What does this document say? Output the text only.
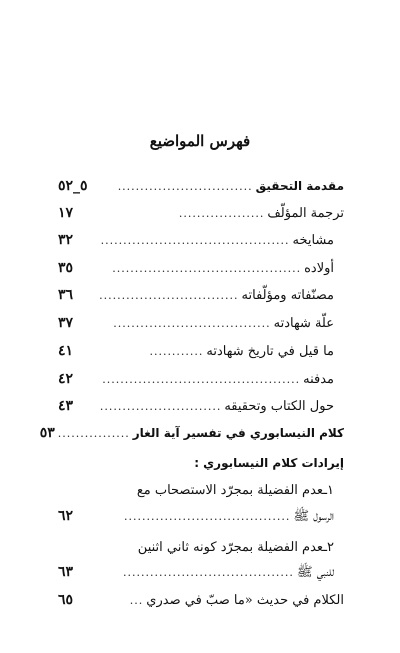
فهرس المواضيع
مقدمة التحقيق
..............................
٥_٥٢
ترجمة المؤلّف
...................
١٧
مشايخه
..........................................
٣٢
أولاده
..........................................
٣٥
مصنّفاته ومؤلّفاته
...............................
٣٦
علّة شهادته
...................................
٣٧
ما قيل في تاريخ شهادته
............
٤١
مدفنه
............................................
٤٢
حول الكتاب وتحقيقه
...........................
٤٣
كلام النيسابوري في تفسير آية الغار
................
٥٣
إيرادات كلام النيسابوري :
١ـعدم الفضيلة بمجرّد الاستصحاب مع
الرسول ﷺ
.....................................
٦٢
٢ـعدم الفضيلة بمجرّد كونه ثاني اثنين
للنبي ﷺ
......................................
٦٣
الكلام في حديث «ما صبّ في صدري
...
٦٥
